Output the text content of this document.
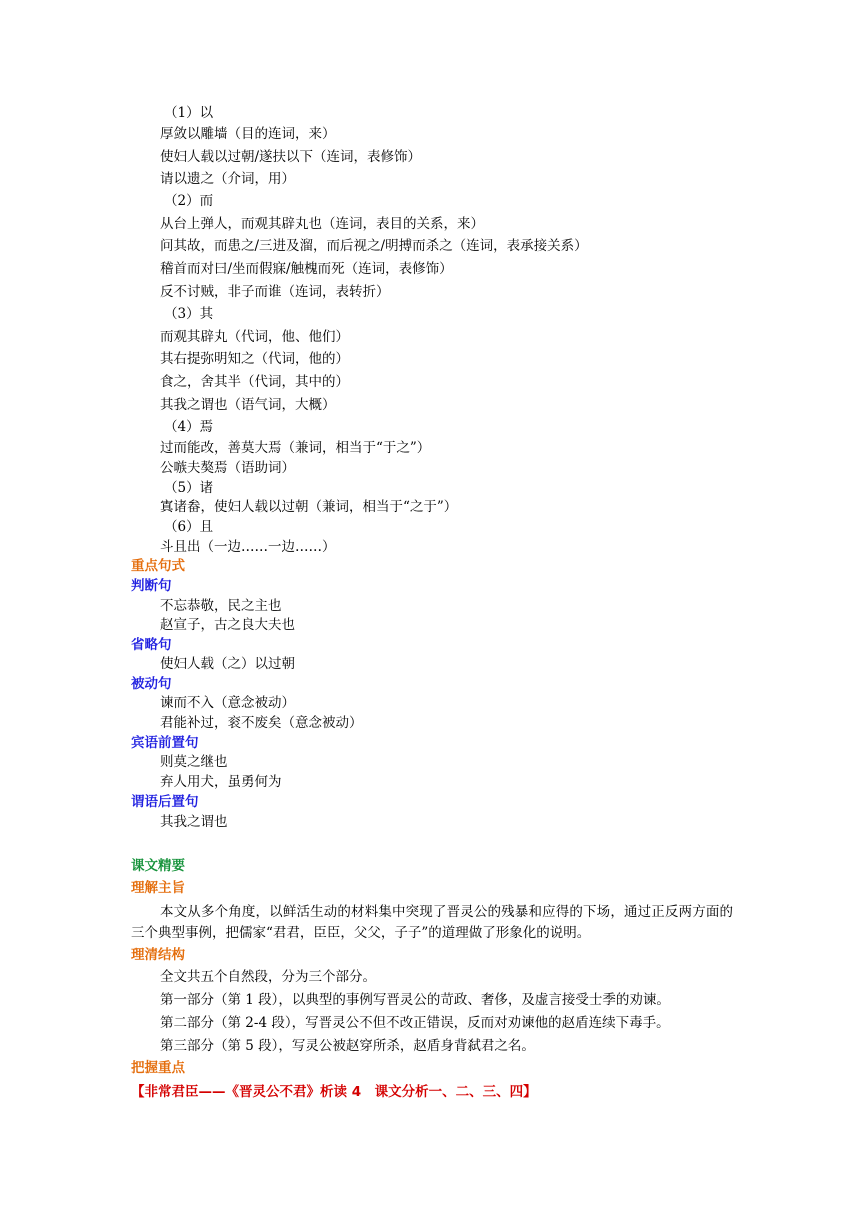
（1）以
厚敛以雕墙（目的连词，来）
使妇人载以过朝/遂扶以下（连词，表修饰）
请以遗之（介词，用）
（2）而
从台上弹人，而观其辟丸也（连词，表目的关系，来）
问其故，而患之/三进及溜，而后视之/明搏而杀之（连词，表承接关系）
稽首而对曰/坐而假寐/触槐而死（连词，表修饰）
反不讨贼，非子而谁（连词，表转折）
（3）其
而观其辟丸（代词，他、他们）
其右提弥明知之（代词，他的）
食之，舍其半（代词，其中的）
其我之谓也（语气词，大概）
（4）焉
过而能改，善莫大焉（兼词，相当于“于之”）
公嗾夫獒焉（语助词）
（5）诸
寘诸畚，使妇人载以过朝（兼词，相当于“之于”）
（6）且
斗且出（一边……一边……）
重点句式
判断句
不忘恭敬，民之主也
赵宣子，古之良大夫也
省略句
使妇人载（之）以过朝
被动句
谏而不入（意念被动）
君能补过，衮不废矣（意念被动）
宾语前置句
则莫之继也
弃人用犬，虽勇何为
谓语后置句
其我之谓也
课文精要
理解主旨
本文从多个角度，以鲜活生动的材料集中突现了晋灵公的残暴和应得的下场，通过正反两方面的三个典型事例，把儒家“君君，臣臣，父父，子子”的道理做了形象化的说明。
理清结构
全文共五个自然段，分为三个部分。
第一部分（第 1 段），以典型的事例写晋灵公的苛政、奢侈，及虚言接受士季的劝谏。
第二部分（第 2-4 段），写晋灵公不但不改正错误，反而对劝谏他的赵盾连续下毒手。
第三部分（第 5 段），写灵公被赵穿所杀，赵盾身背弑君之名。
把握重点
【非常君臣——《晋灵公不君》析读 4　课文分析一、二、三、四】
